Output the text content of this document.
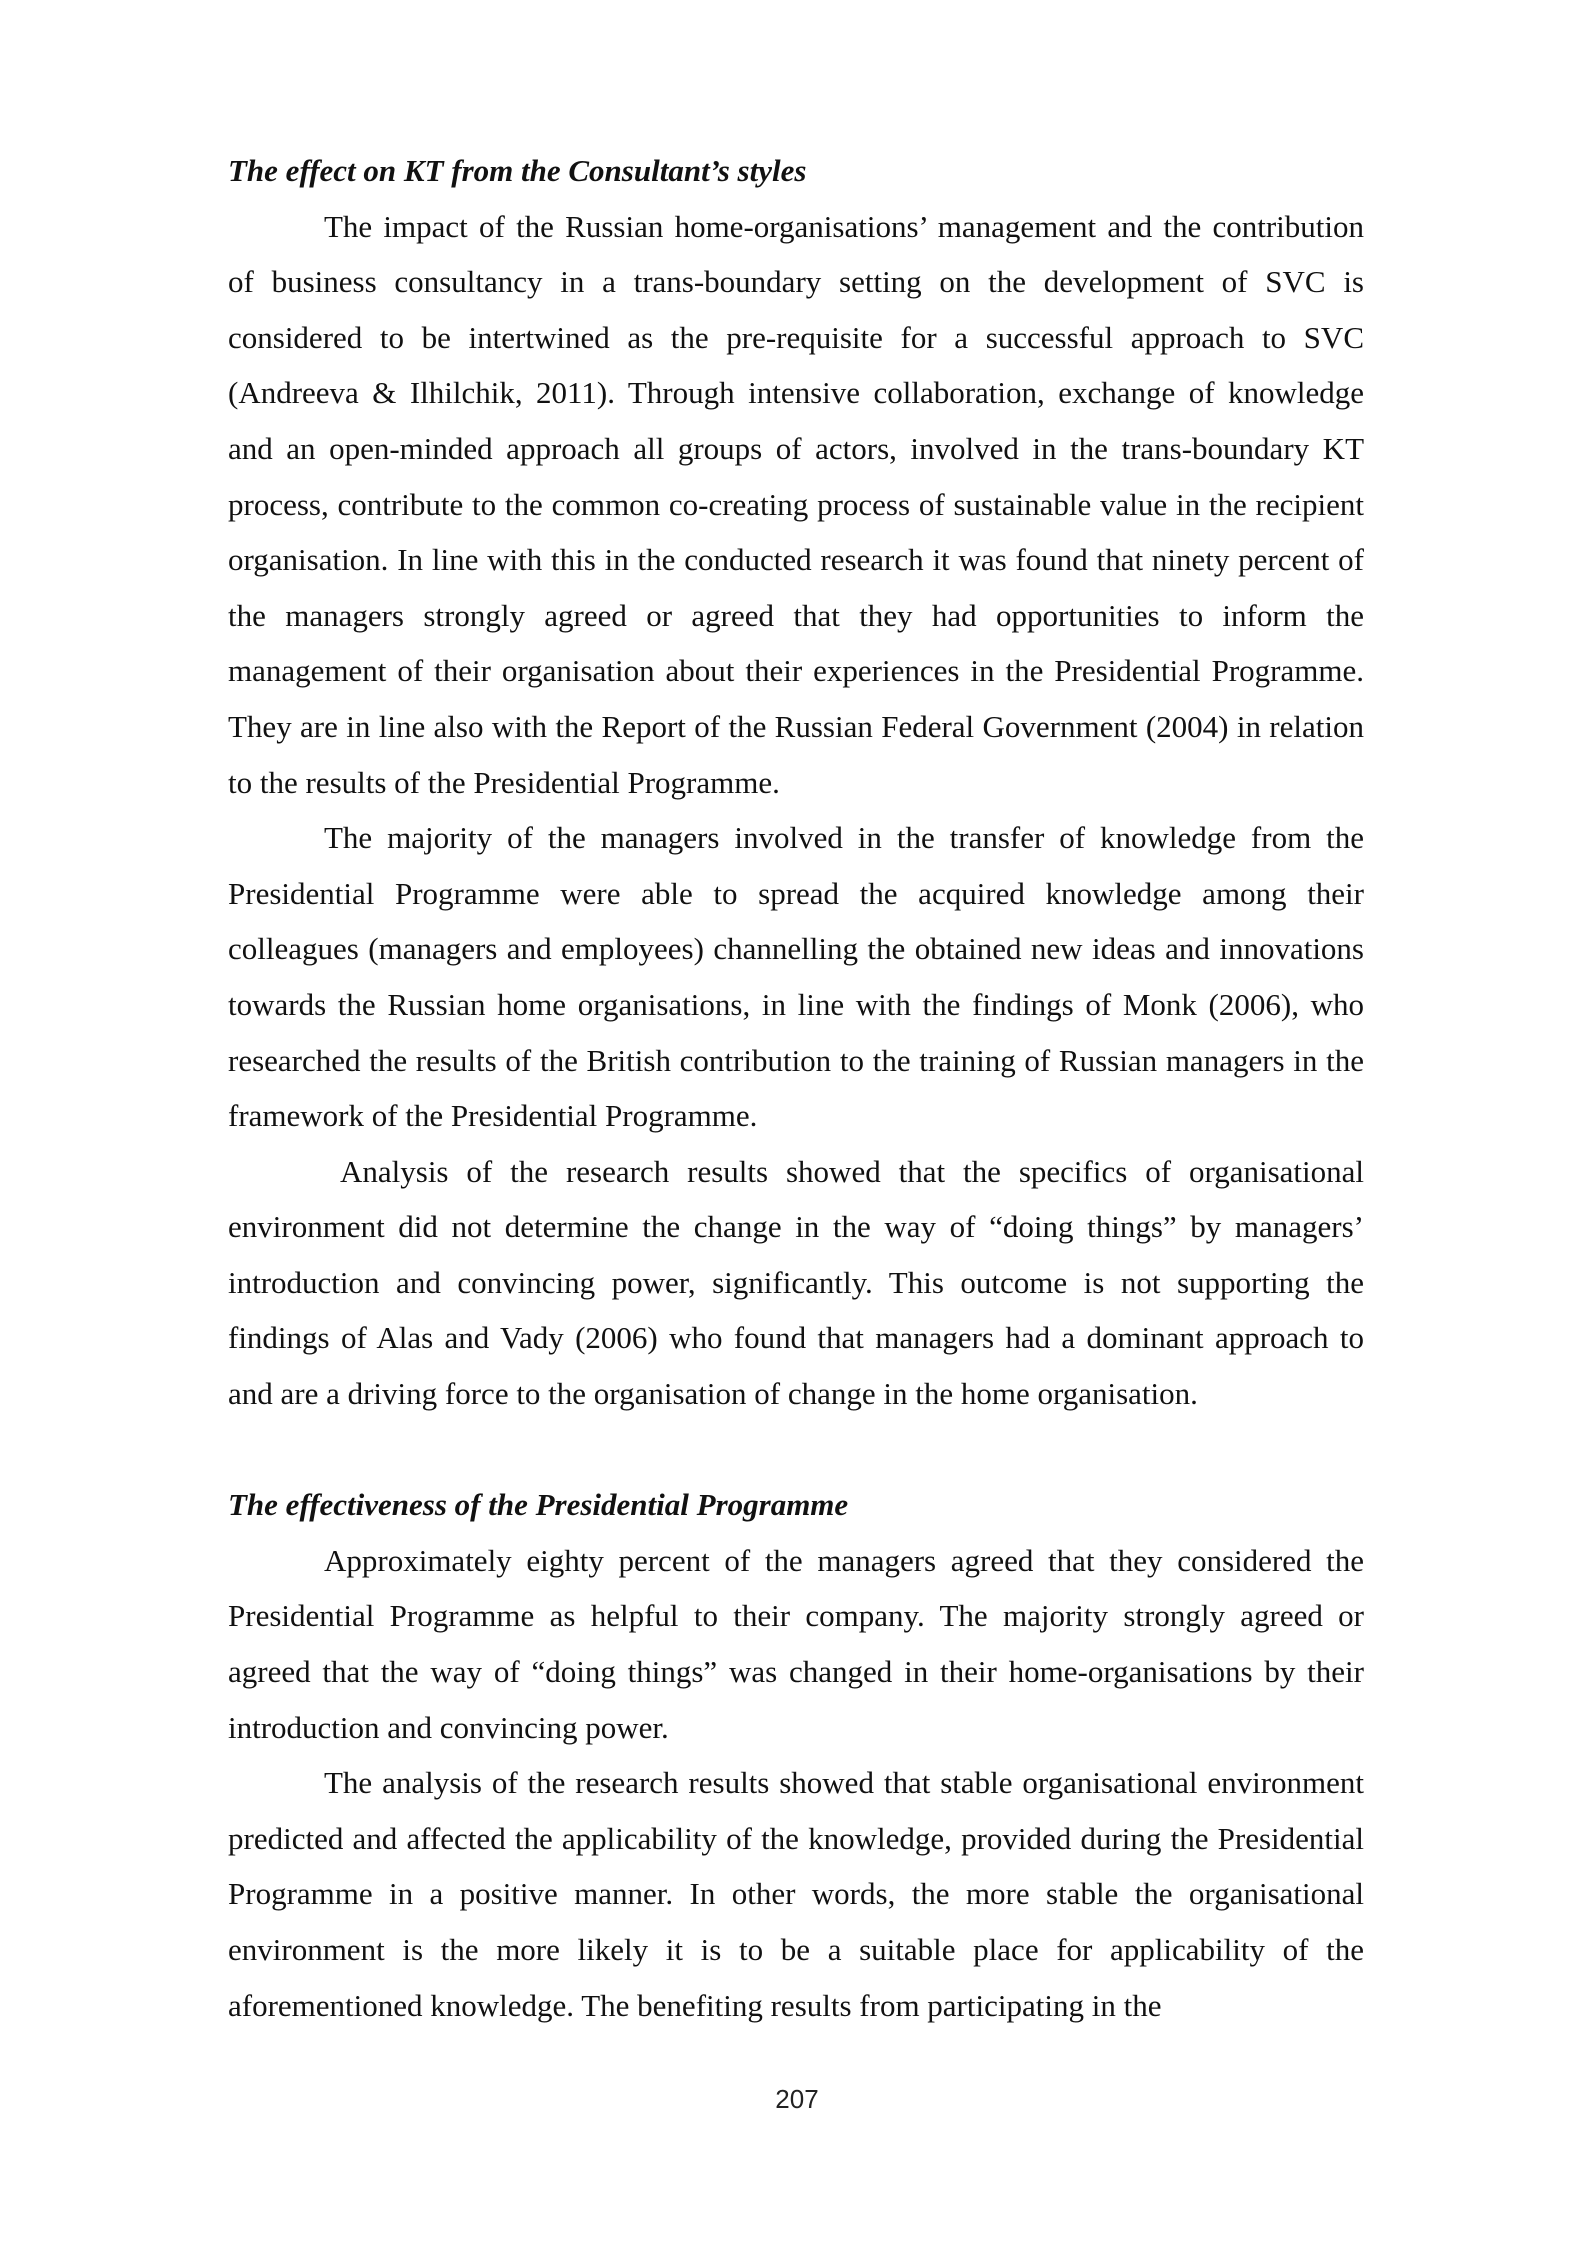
The effect on KT from the Consultant’s styles

The impact of the Russian home-organisations’ management and the contribution of business consultancy in a trans-boundary setting on the development of SVC is considered to be intertwined as the pre-requisite for a successful approach to SVC (Andreeva & Ilhilchik, 2011). Through intensive collaboration, exchange of knowledge and an open-minded approach all groups of actors, involved in the trans-boundary KT process, contribute to the common co-creating process of sustainable value in the recipient organisation. In line with this in the conducted research it was found that ninety percent of the managers strongly agreed or agreed that they had opportunities to inform the management of their organisation about their experiences in the Presidential Programme. They are in line also with the Report of the Russian Federal Government (2004) in relation to the results of the Presidential Programme.

The majority of the managers involved in the transfer of knowledge from the Presidential Programme were able to spread the acquired knowledge among their colleagues (managers and employees) channelling the obtained new ideas and innovations towards the Russian home organisations, in line with the findings of Monk (2006), who researched the results of the British contribution to the training of Russian managers in the framework of the Presidential Programme.

Analysis of the research results showed that the specifics of organisational environment did not determine the change in the way of “doing things” by managers’ introduction and convincing power, significantly. This outcome is not supporting the findings of Alas and Vady (2006) who found that managers had a dominant approach to and are a driving force to the organisation of change in the home organisation.

The effectiveness of the Presidential Programme

Approximately eighty percent of the managers agreed that they considered the Presidential Programme as helpful to their company. The majority strongly agreed or agreed that the way of “doing things” was changed in their home-organisations by their introduction and convincing power.

The analysis of the research results showed that stable organisational environment predicted and affected the applicability of the knowledge, provided during the Presidential Programme in a positive manner. In other words, the more stable the organisational environment is the more likely it is to be a suitable place for applicability of the aforementioned knowledge. The benefiting results from participating in the

207
